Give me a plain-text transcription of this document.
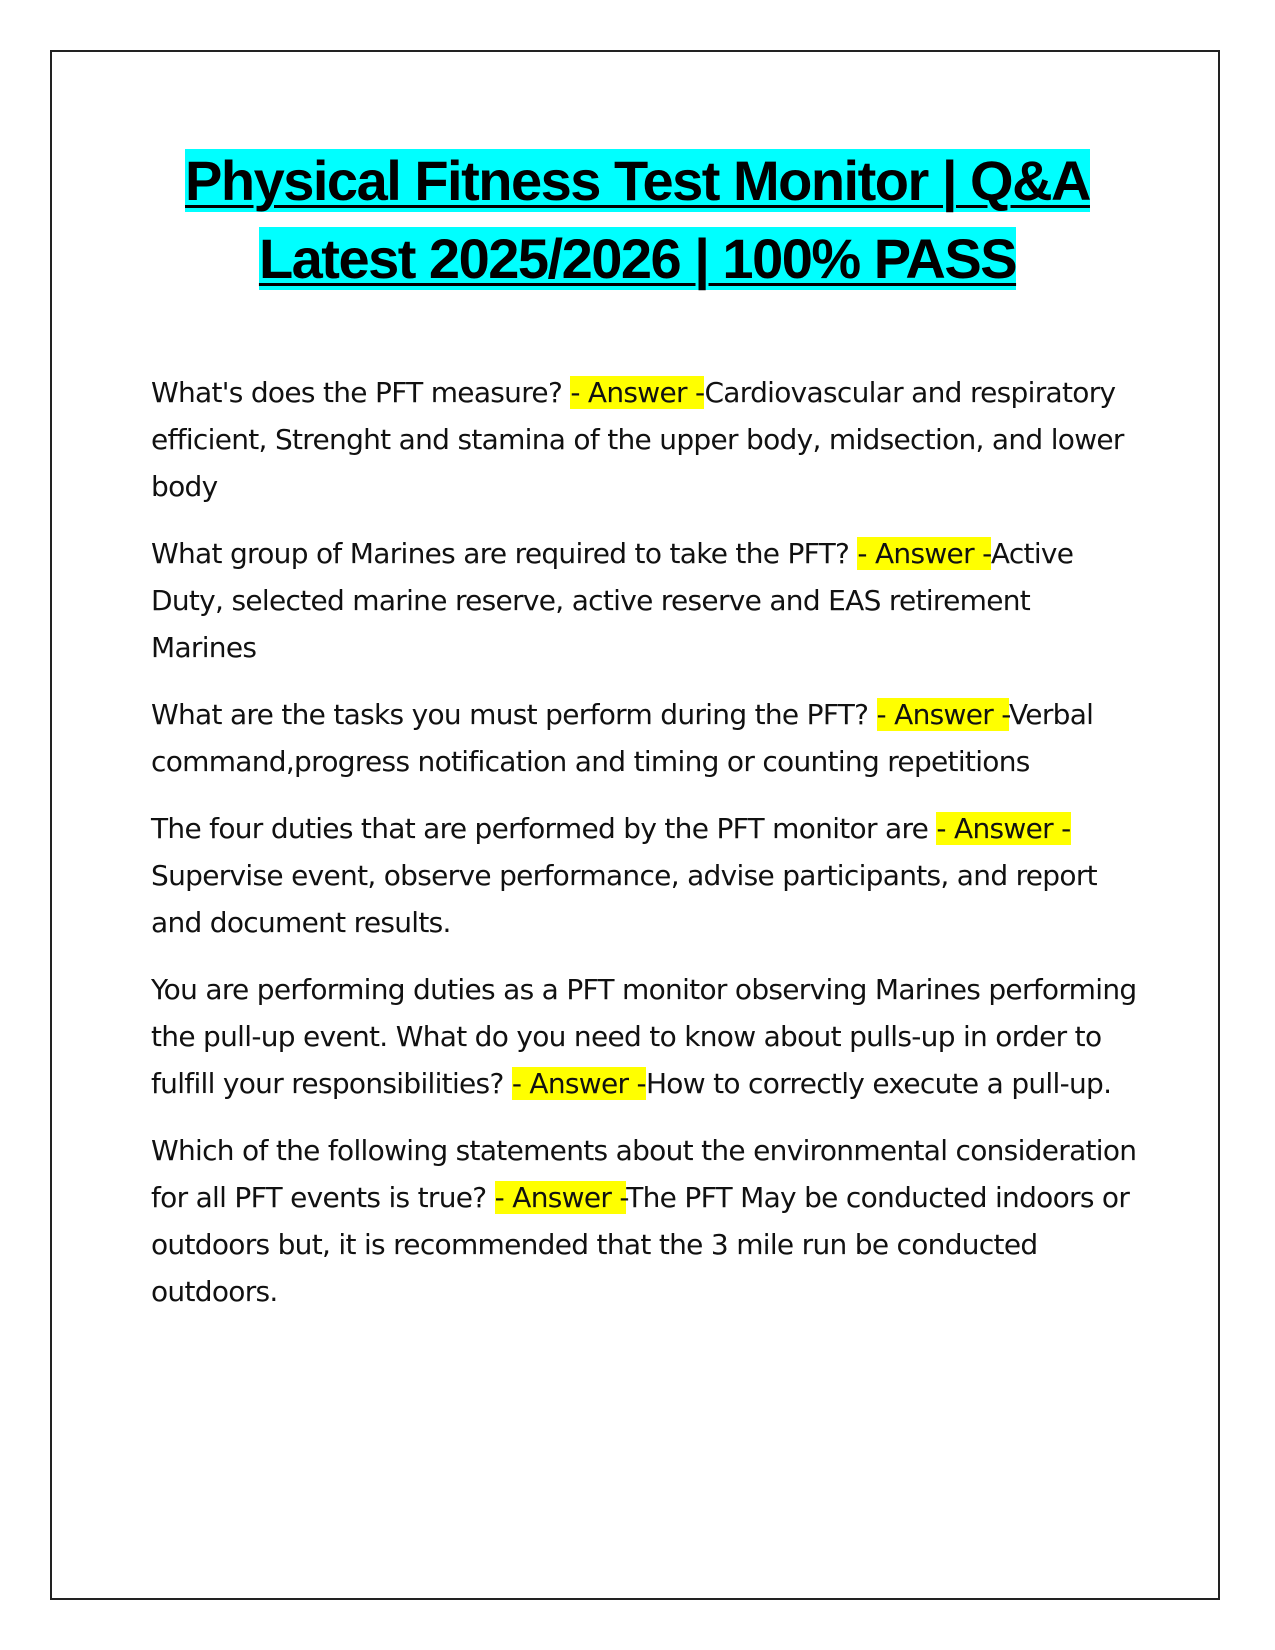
Physical Fitness Test Monitor | Q&A
Latest 2025/2026 | 100% PASS

What's does the PFT measure? - Answer -Cardiovascular and respiratory efficient, Strenght and stamina of the upper body, midsection, and lower body

What group of Marines are required to take the PFT? - Answer -Active Duty, selected marine reserve, active reserve and EAS retirement Marines

What are the tasks you must perform during the PFT? - Answer -Verbal command,progress notification and timing or counting repetitions

The four duties that are performed by the PFT monitor are - Answer -Supervise event, observe performance, advise participants, and report and document results.

You are performing duties as a PFT monitor observing Marines performing the pull-up event. What do you need to know about pulls-up in order to fulfill your responsibilities? - Answer -How to correctly execute a pull-up.

Which of the following statements about the environmental consideration for all PFT events is true? - Answer -The PFT May be conducted indoors or outdoors but, it is recommended that the 3 mile run be conducted outdoors.
